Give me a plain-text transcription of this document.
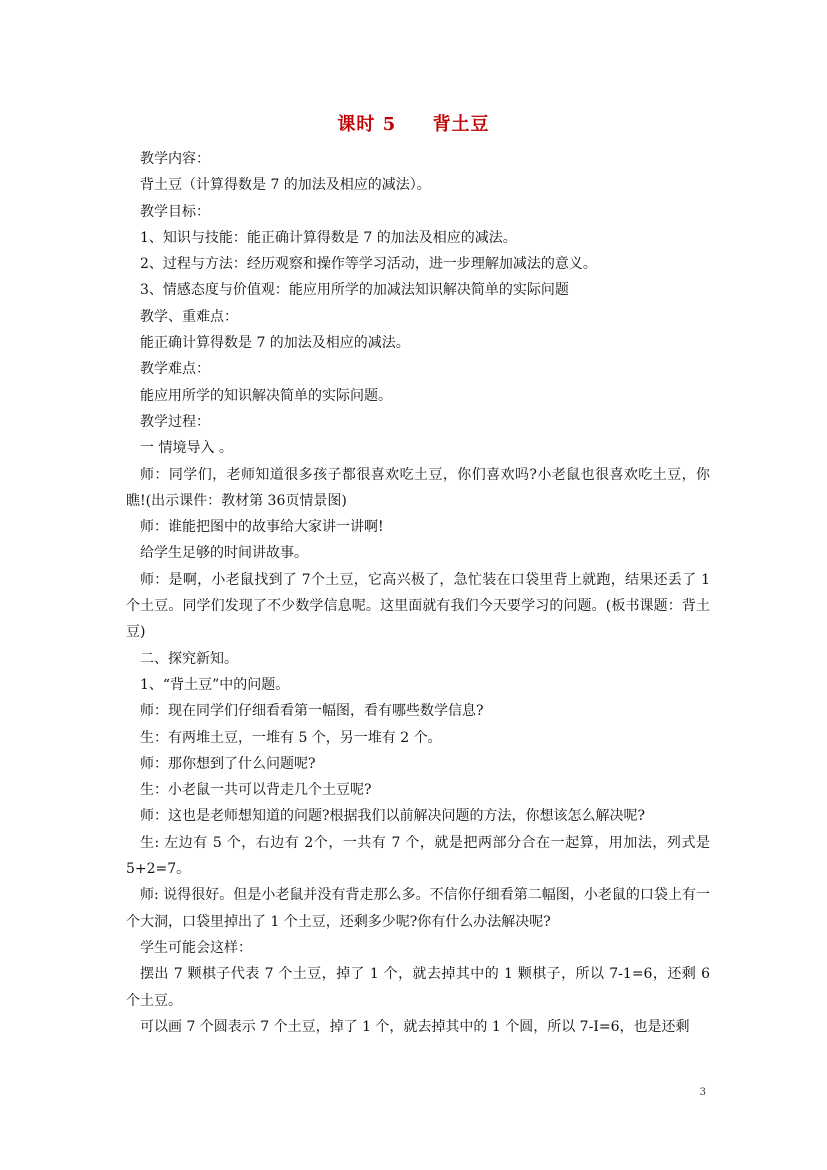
课时 5 背土豆

教学内容：

背土豆（计算得数是 7 的加法及相应的减法）。

教学目标：

1、知识与技能：能正确计算得数是 7 的加法及相应的减法。

2、过程与方法：经历观察和操作等学习活动，进一步理解加减法的意义。

3、情感态度与价值观：能应用所学的加减法知识解决简单的实际问题

教学、重难点：

能正确计算得数是 7 的加法及相应的减法。

教学难点：

能应用所学的知识解决简单的实际问题。

教学过程：

一 情境导入 。

师：同学们，老师知道很多孩子都很喜欢吃土豆，你们喜欢吗?小老鼠也很喜欢吃土豆，你瞧!(出示课件：教材第 36页情景图)

师：谁能把图中的故事给大家讲一讲啊!

给学生足够的时间讲故事。

师：是啊，小老鼠找到了 7个土豆，它高兴极了，急忙装在口袋里背上就跑，结果还丢了 1 个土豆。同学们发现了不少数学信息呢。这里面就有我们今天要学习的问题。(板书课题：背土豆)

二、探究新知。

1、“背土豆”中的问题。

师：现在同学们仔细看看第一幅图，看有哪些数学信息?

生：有两堆土豆，一堆有 5 个，另一堆有 2 个。

师：那你想到了什么问题呢?

生：小老鼠一共可以背走几个土豆呢?

师：这也是老师想知道的问题?根据我们以前解决问题的方法，你想该怎么解决呢?

生: 左边有 5 个，右边有 2个，一共有 7 个，就是把两部分合在一起算，用加法，列式是 5+2=7。

师: 说得很好。但是小老鼠并没有背走那么多。不信你仔细看第二幅图，小老鼠的口袋上有一个大洞，口袋里掉出了 1 个土豆，还剩多少呢?你有什么办法解决呢?

学生可能会这样：

摆出 7 颗棋子代表 7 个土豆，掉了 1 个，就去掉其中的 1 颗棋子，所以 7-1=6，还剩 6 个土豆。

可以画 7 个圆表示 7 个土豆，掉了 1 个，就去掉其中的 1 个圆，所以 7-I=6，也是还剩

3
